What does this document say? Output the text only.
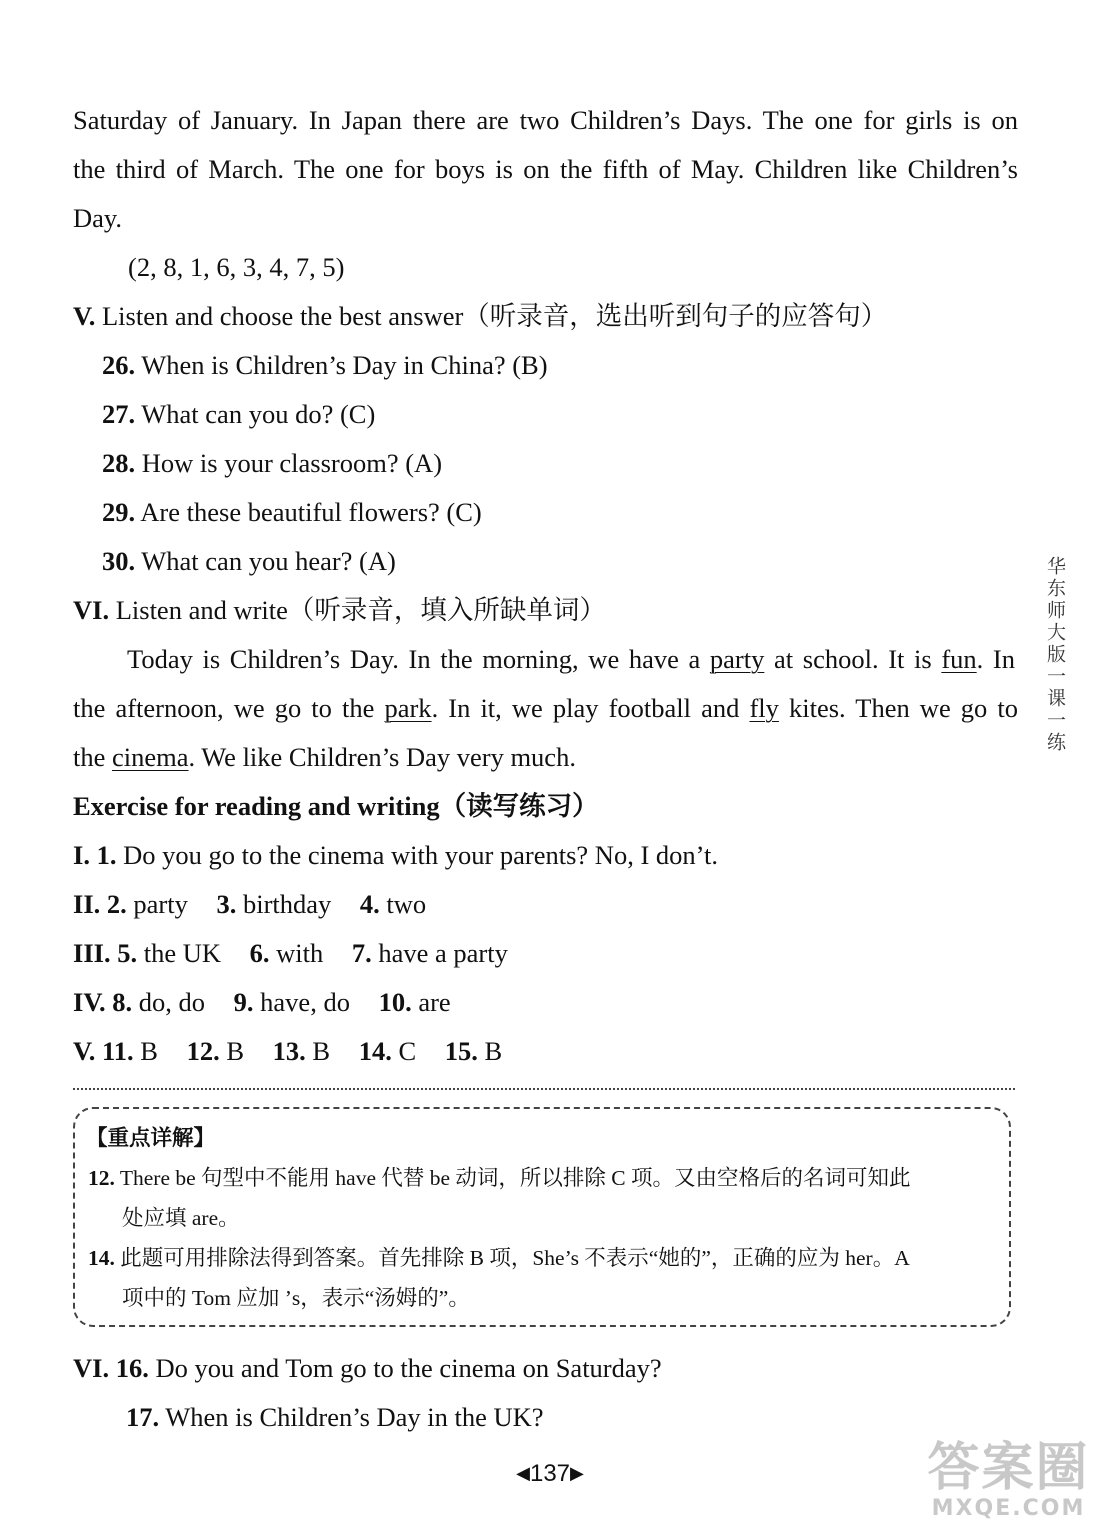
Saturday of January. In Japan there are two Children’s Days. The one for girls is on
the third of March. The one for boys is on the fifth of May. Children like Children’s
Day.
(2, 8, 1, 6, 3, 4, 7, 5)
V. Listen and choose the best answer（听录音，选出听到句子的应答句）
26. When is Children’s Day in China? (B)
27. What can you do? (C)
28. How is your classroom? (A)
29. Are these beautiful flowers? (C)
30. What can you hear? (A)
VI. Listen and write（听录音，填入所缺单词）
Today is Children’s Day. In the morning, we have a party at school. It is fun. In
the afternoon, we go to the park. In it, we play football and fly kites. Then we go to
the cinema. We like Children’s Day very much.
Exercise for reading and writing（读写练习）
I. 1. Do you go to the cinema with your parents? No, I don’t.
II. 2. party 3. birthday 4. two
III. 5. the UK 6. with 7. have a party
IV. 8. do, do 9. have, do 10. are
V. 11. B 12. B 13. B 14. C 15. B
【重点详解】
12. There be 句型中不能用 have 代替 be 动词，所以排除 C 项。又由空格后的名词可知此
处应填 are。
14. 此题可用排除法得到答案。首先排除 B 项，She’s 不表示“她的”，正确的应为 her。A
项中的 Tom 应加 ’s，表示“汤姆的”。
VI. 16. Do you and Tom go to the cinema on Saturday?
17. When is Children’s Day in the UK?
华东师大版一课一练
◀137▶	答案圈
MXQE.COM
